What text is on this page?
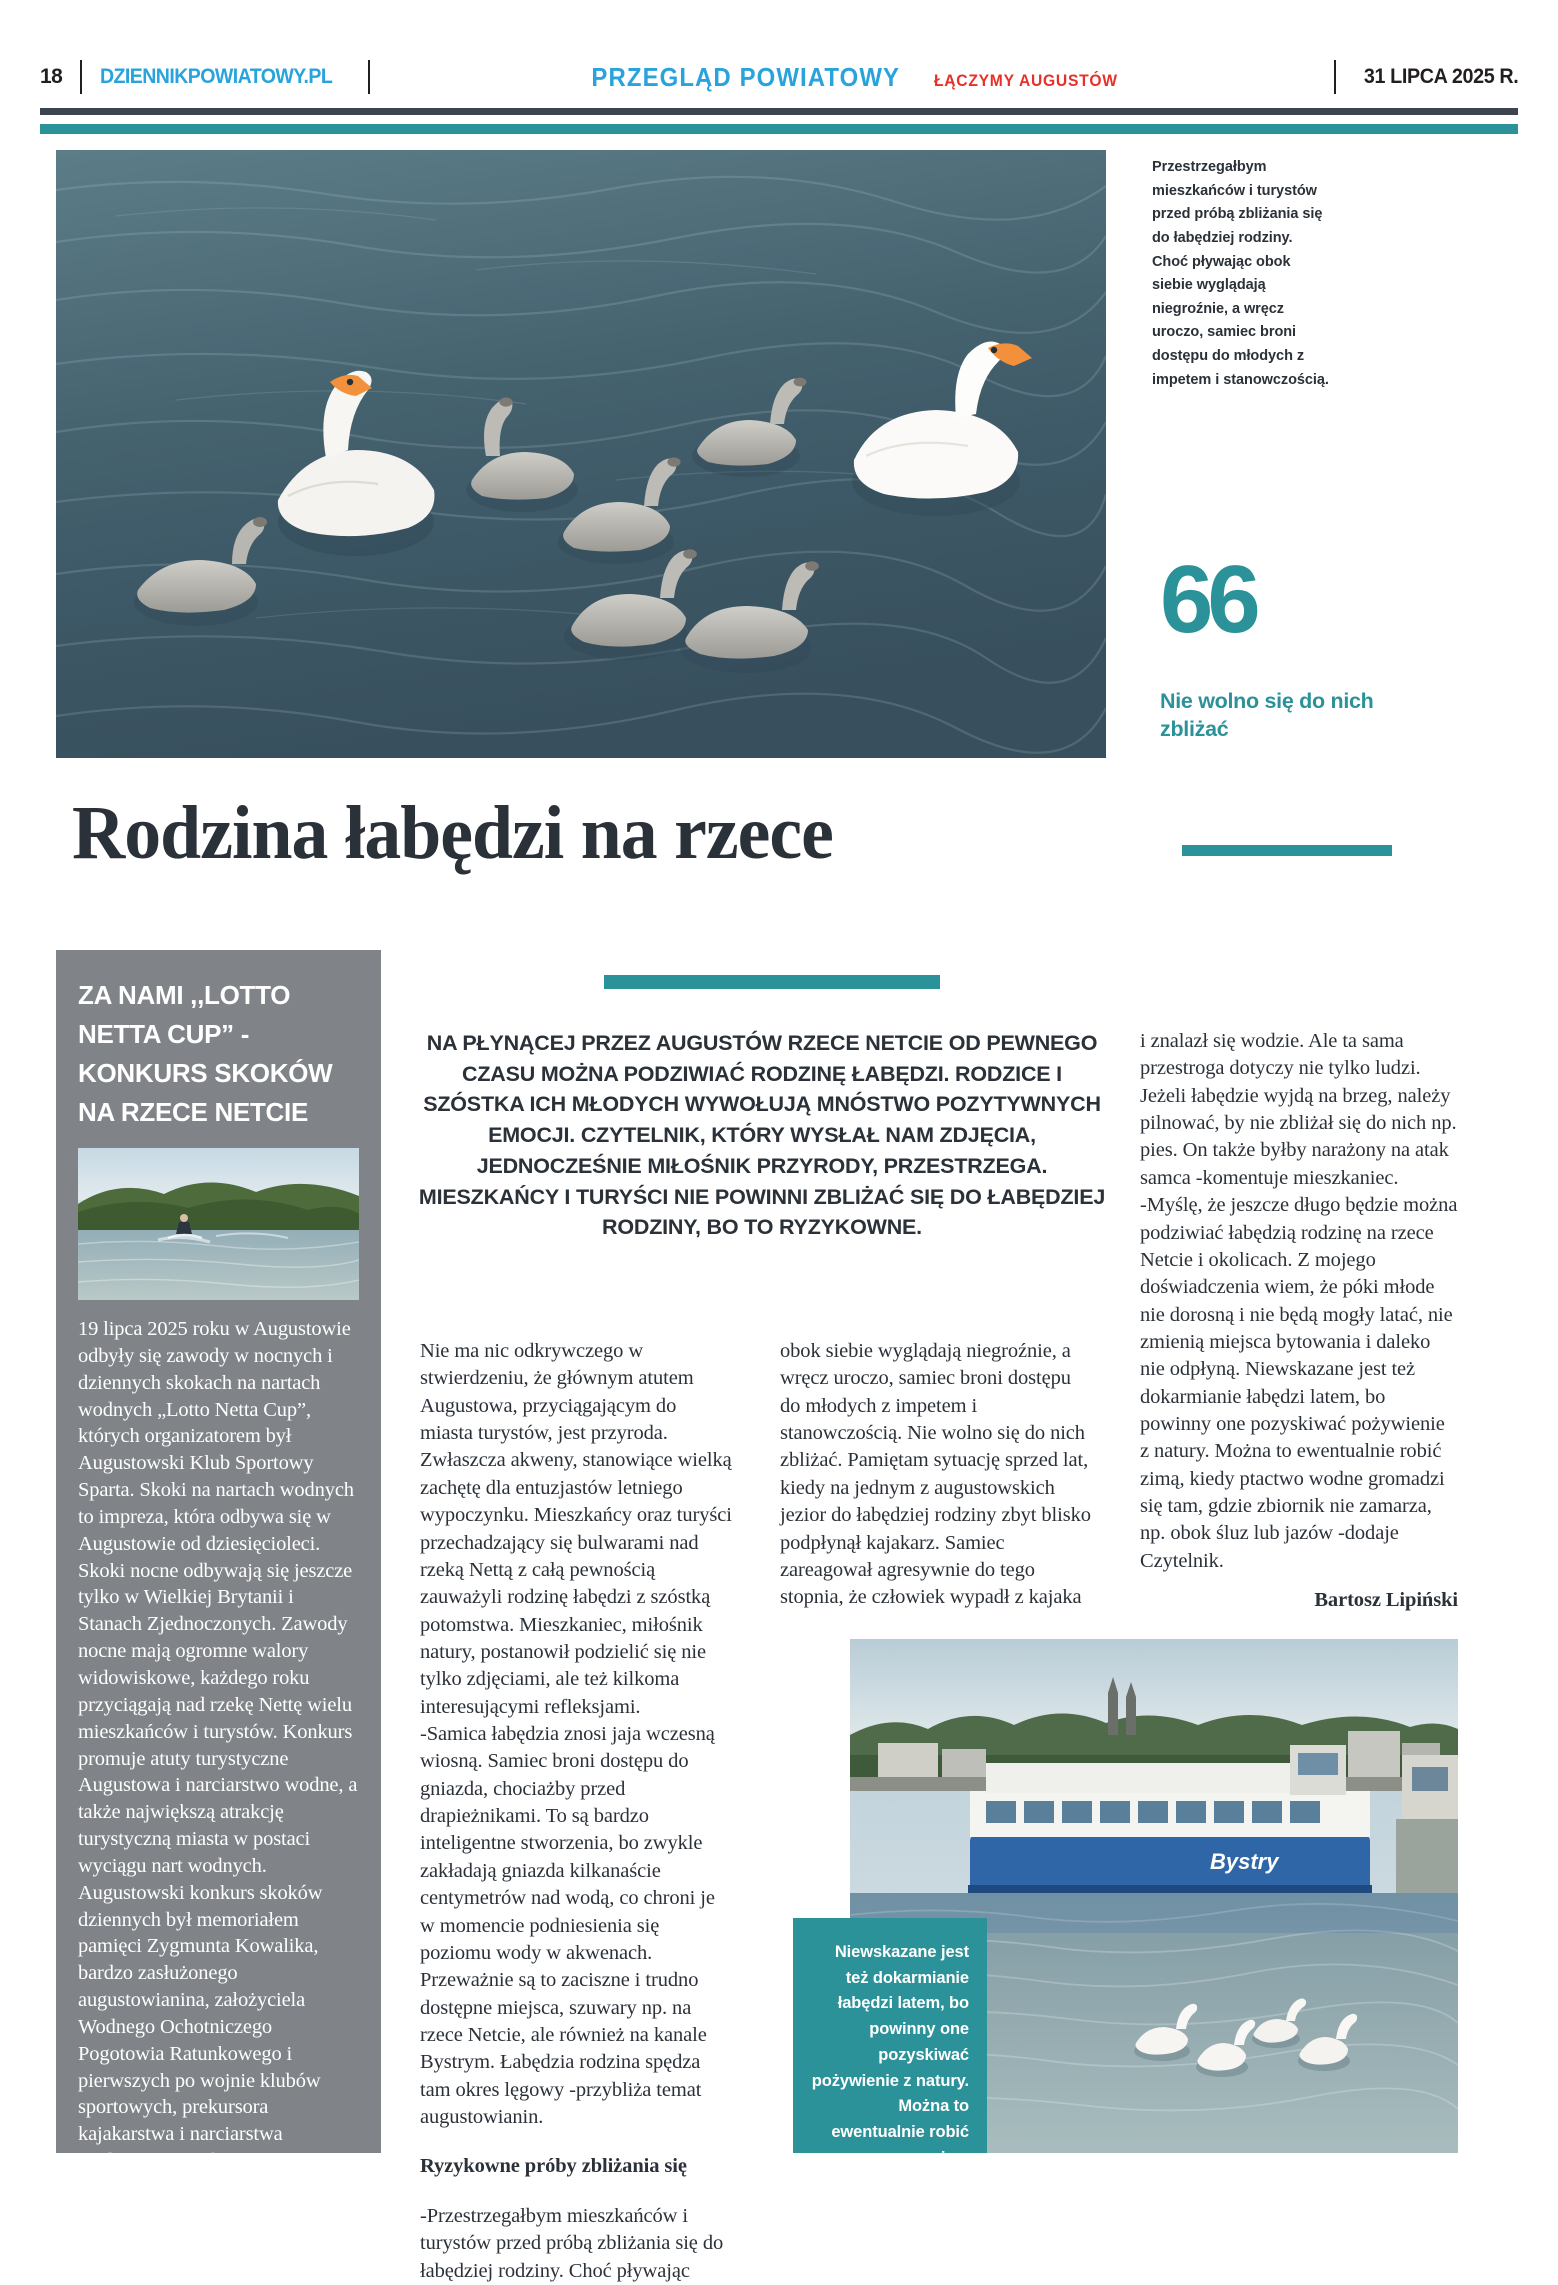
18 DZIENNIKPOWIATOWY.PL	PRZEGLĄD POWIATOWY ŁĄCZYMY AUGUSTÓW	31 LIPCA 2025 R.
Przestrzegałbym mieszkańców i turystów przed próbą zbliżania się do łabędziej rodziny. Choć pływając obok siebie wyglądają niegroźnie, a wręcz uroczo, samiec broni dostępu do młodych z impetem i stanowczością.
66
Nie wolno się do nich zbliżać
Rodzina łabędzi na rzece
ZA NAMI ,,LOTTO NETTA CUP” - KONKURS SKOKÓW NA RZECE NETCIE
19 lipca 2025 roku w Augustowie odbyły się zawody w nocnych i dziennych skokach na nartach wodnych „Lotto Netta Cup”, których organizatorem był Augustowski Klub Sportowy Sparta. Skoki na nartach wodnych to impreza, która odbywa się w Augustowie od dziesięcioleci. Skoki nocne odbywają się jeszcze tylko w Wielkiej Brytanii i Stanach Zjednoczonych. Zawody nocne mają ogromne walory widowiskowe, każdego roku przyciągają nad rzekę Nettę wielu mieszkańców i turystów. Konkurs promuje atuty turystyczne Augustowa i narciarstwo wodne, a także największą atrakcję turystyczną miasta w postaci wyciągu nart wodnych. Augustowski konkurs skoków dziennych był memoriałem pamięci Zygmunta Kowalika, bardzo zasłużonego augustowianina, założyciela Wodnego Ochotniczego Pogotowia Ratunkowego i pierwszych po wojnie klubów sportowych, prekursora kajakarstwa i narciarstwa wodnego w mieście.
Bartosz Lipiński
NA PŁYNĄCEJ PRZEZ AUGUSTÓW RZECE NETCIE OD PEWNEGO CZASU MOŻNA PODZIWIAĆ RODZINĘ ŁABĘDZI. RODZICE I SZÓSTKA ICH MŁODYCH WYWOŁUJĄ MNÓSTWO POZYTYWNYCH EMOCJI. CZYTELNIK, KTÓRY WYSŁAŁ NAM ZDJĘCIA, JEDNOCZEŚNIE MIŁOŚNIK PRZYRODY, PRZESTRZEGA. MIESZKAŃCY I TURYŚCI NIE POWINNI ZBLIŻAĆ SIĘ DO ŁABĘDZIEJ RODZINY, BO TO RYZYKOWNE.

Nie ma nic odkrywczego w stwierdzeniu, że głównym atutem Augustowa, przyciągającym do miasta turystów, jest przyroda. Zwłaszcza akweny, stanowiące wielką zachętę dla entuzjastów letniego wypoczynku. Mieszkańcy oraz turyści przechadzający się bulwarami nad rzeką Nettą z całą pewnością zauważyli rodzinę łabędzi z szóstką potomstwa. Mieszkaniec, miłośnik natury, postanowił podzielić się nie tylko zdjęciami, ale też kilkoma interesującymi refleksjami.

-Samica łabędzia znosi jaja wczesną wiosną. Samiec broni dostępu do gniazda, chociażby przed drapieżnikami. To są bardzo inteligentne stworzenia, bo zwykle zakładają gniazda kilkanaście centymetrów nad wodą, co chroni je w momencie podniesienia się poziomu wody w akwenach. Przeważnie są to zaciszne i trudno dostępne miejsca, szuwary np. na rzece Netcie, ale również na kanale Bystrym. Łabędzia rodzina spędza tam okres lęgowy -przybliża temat augustowianin.

Ryzykowne próby zbliżania się

-Przestrzegałbym mieszkańców i turystów przed próbą zbliżania się do łabędziej rodziny. Choć pływając

obok siebie wyglądają niegroźnie, a wręcz uroczo, samiec broni dostępu do młodych z impetem i stanowczością. Nie wolno się do nich zbliżać. Pamiętam sytuację sprzed lat, kiedy na jednym z augustowskich jezior do łabędziej rodziny zbyt blisko podpłynął kajakarz. Samiec zareagował agresywnie do tego stopnia, że człowiek wypadł z kajaka

i znalazł się wodzie. Ale ta sama przestroga dotyczy nie tylko ludzi. Jeżeli łabędzie wyjdą na brzeg, należy pilnować, by nie zbliżał się do nich np. pies. On także byłby narażony na atak samca -komentuje mieszkaniec.

-Myślę, że jeszcze długo będzie można podziwiać łabędzią rodzinę na rzece Netcie i okolicach. Z mojego doświadczenia wiem, że póki młode nie dorosną i nie będą mogły latać, nie zmienią miejsca bytowania i daleko nie odpłyną. Niewskazane jest też dokarmianie łabędzi latem, bo powinny one pozyskiwać pożywienie z natury. Można to ewentualnie robić zimą, kiedy ptactwo wodne gromadzi się tam, gdzie zbiornik nie zamarza, np. obok śluz lub jazów -dodaje Czytelnik.

Bartosz Lipiński

Bystry
Niewskazane jest też dokarmianie łabędzi latem, bo powinny one pozyskiwać pożywienie z natury. Można to ewentualnie robić zimą
